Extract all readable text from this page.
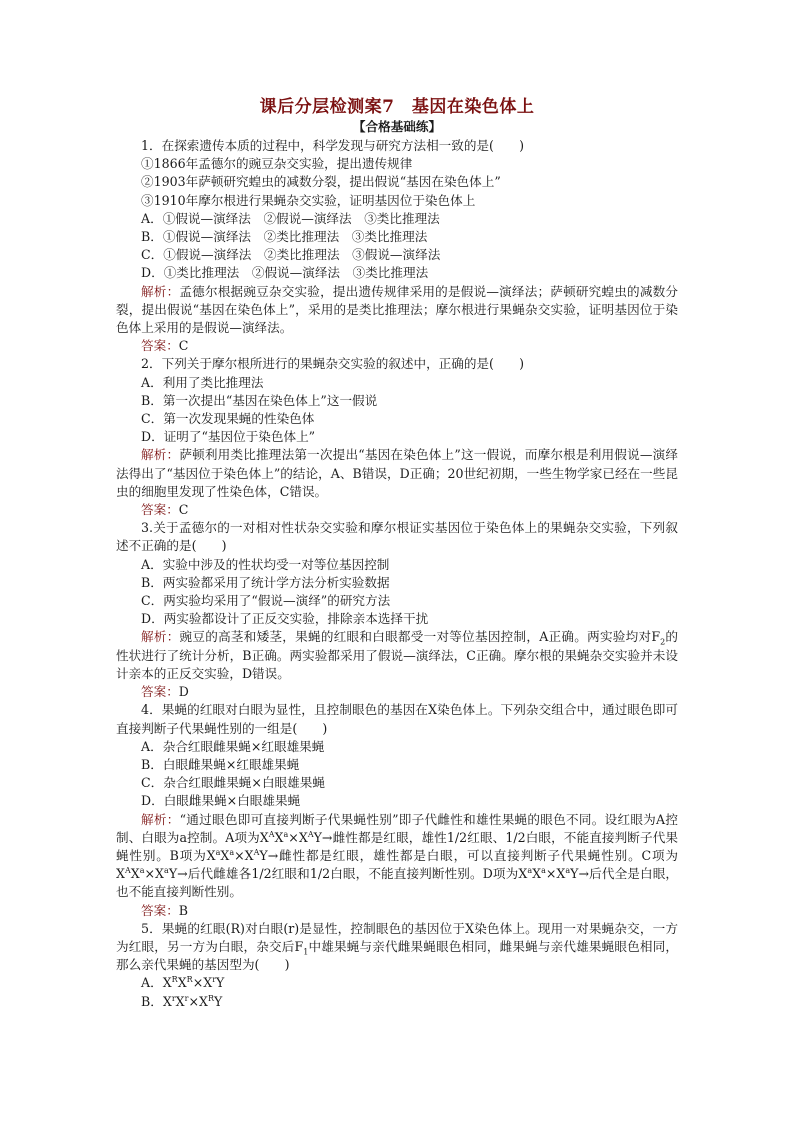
课后分层检测案7　基因在染色体上
【合格基础练】
1．在探索遗传本质的过程中，科学发现与研究方法相一致的是(　　)
①1866年孟德尔的豌豆杂交实验，提出遗传规律
②1903年萨顿研究蝗虫的减数分裂，提出假说“基因在染色体上”
③1910年摩尔根进行果蝇杂交实验，证明基因位于染色体上
A．①假说—演绎法　②假说—演绎法　③类比推理法
B．①假说—演绎法　②类比推理法　③类比推理法
C．①假说—演绎法　②类比推理法　③假说—演绎法
D．①类比推理法　②假说—演绎法　③类比推理法
解析：孟德尔根据豌豆杂交实验，提出遗传规律采用的是假说—演绎法；萨顿研究蝗虫的减数分裂，提出假说“基因在染色体上”，采用的是类比推理法；摩尔根进行果蝇杂交实验，证明基因位于染色体上采用的是假说—演绎法。
答案：C
2．下列关于摩尔根所进行的果蝇杂交实验的叙述中，正确的是(　　)
A．利用了类比推理法
B．第一次提出“基因在染色体上”这一假说
C．第一次发现果蝇的性染色体
D．证明了“基因位于染色体上”
解析：萨顿利用类比推理法第一次提出“基因在染色体上”这一假说，而摩尔根是利用假说—演绎法得出了“基因位于染色体上”的结论，A、B错误，D正确；20世纪初期，一些生物学家已经在一些昆虫的细胞里发现了性染色体，C错误。
答案：C
3.关于孟德尔的一对相对性状杂交实验和摩尔根证实基因位于染色体上的果蝇杂交实验，下列叙述不正确的是(　　)
A．实验中涉及的性状均受一对等位基因控制
B．两实验都采用了统计学方法分析实验数据
C．两实验均采用了“假说—演绎”的研究方法
D．两实验都设计了正反交实验，排除亲本选择干扰
解析：豌豆的高茎和矮茎，果蝇的红眼和白眼都受一对等位基因控制，A正确。两实验均对$F_2$的性状进行了统计分析，B正确。两实验都采用了假说—演绎法，C正确。摩尔根的果蝇杂交实验并未设计亲本的正反交实验，D错误。
答案：D
4．果蝇的红眼对白眼为显性，且控制眼色的基因在X染色体上。下列杂交组合中，通过眼色即可直接判断子代果蝇性别的一组是(　　)
A．杂合红眼雌果蝇×红眼雄果蝇
B．白眼雌果蝇×红眼雄果蝇
C．杂合红眼雌果蝇×白眼雄果蝇
D．白眼雌果蝇×白眼雄果蝇
解析：“通过眼色即可直接判断子代果蝇性别”即子代雌性和雄性果蝇的眼色不同。设红眼为A控制、白眼为a控制。A项为$X^AX^a\times X^AY\to$雌性都是红眼，雄性1/2红眼、1/2白眼，不能直接判断子代果蝇性别。B项为$X^aX^a\times X^AY\to$雌性都是红眼，雄性都是白眼，可以直接判断子代果蝇性别。C项为$X^AX^a\times X^aY\to$后代雌雄各1/2红眼和1/2白眼，不能直接判断性别。D项为$X^aX^a\times X^aY\to$后代全是白眼，也不能直接判断性别。
答案：B
5．果蝇的红眼(R)对白眼(r)是显性，控制眼色的基因位于X染色体上。现用一对果蝇杂交，一方为红眼，另一方为白眼，杂交后$F_1$中雄果蝇与亲代雌果蝇眼色相同，雌果蝇与亲代雄果蝇眼色相同，那么亲代果蝇的基因型为(　　)
A．$X^RX^R\times X^rY$
B．$X^rX^r\times X^RY$
